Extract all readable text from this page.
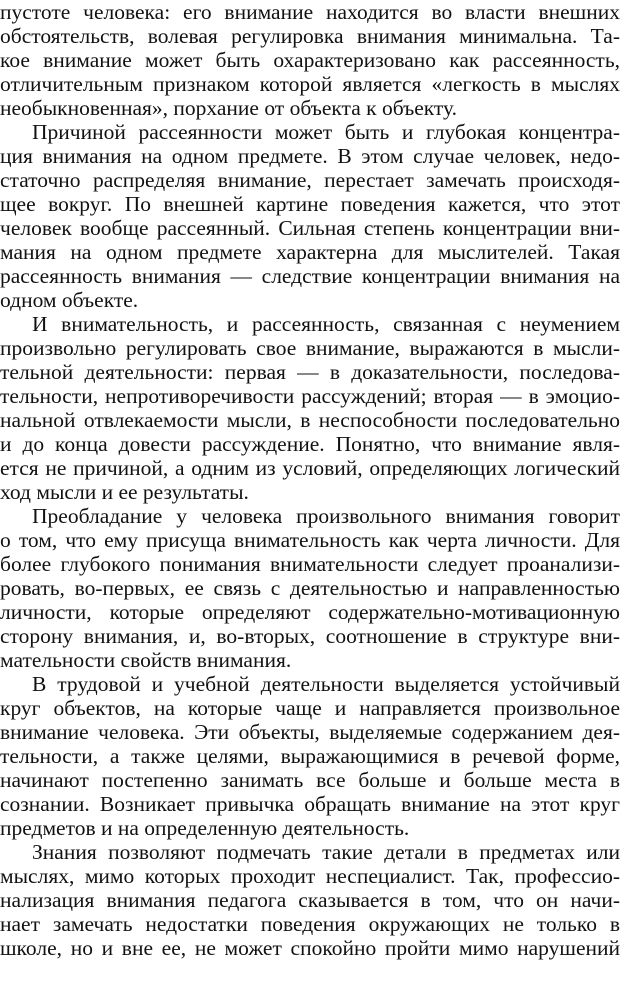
пустоте человека: его внимание находится во власти внешних
обстоятельств, волевая регулировка внимания минимальна. Та-
кое внимание может быть охарактеризовано как рассеянность,
отличительным признаком которой является «легкость в мыслях
необыкновенная», порхание от объекта к объекту.
Причиной рассеянности может быть и глубокая концентра-
ция внимания на одном предмете. В этом случае человек, недо-
статочно распределяя внимание, перестает замечать происходя-
щее вокруг. По внешней картине поведения кажется, что этот
человек вообще рассеянный. Сильная степень концентрации вни-
мания на одном предмете характерна для мыслителей. Такая
рассеянность внимания — следствие концентрации внимания на
одном объекте.
И внимательность, и рассеянность, связанная с неумением
произвольно регулировать свое внимание, выражаются в мысли-
тельной деятельности: первая — в доказательности, последова-
тельности, непротиворечивости рассуждений; вторая — в эмоцио-
нальной отвлекаемости мысли, в неспособности последовательно
и до конца довести рассуждение. Понятно, что внимание явля-
ется не причиной, а одним из условий, определяющих логический
ход мысли и ее результаты.
Преобладание у человека произвольного внимания говорит
о том, что ему присуща внимательность как черта личности. Для
более глубокого понимания внимательности следует проанализи-
ровать, во-первых, ее связь с деятельностью и направленностью
личности, которые определяют содержательно-мотивационную
сторону внимания, и, во-вторых, соотношение в структуре вни-
мательности свойств внимания.
В трудовой и учебной деятельности выделяется устойчивый
круг объектов, на которые чаще и направляется произвольное
внимание человека. Эти объекты, выделяемые содержанием дея-
тельности, а также целями, выражающимися в речевой форме,
начинают постепенно занимать все больше и больше места в
сознании. Возникает привычка обращать внимание на этот круг
предметов и на определенную деятельность.
Знания позволяют подмечать такие детали в предметах или
мыслях, мимо которых проходит неспециалист. Так, профессио-
нализация внимания педагога сказывается в том, что он начи-
нает замечать недостатки поведения окружающих не только в
школе, но и вне ее, не может спокойно пройти мимо нарушений
